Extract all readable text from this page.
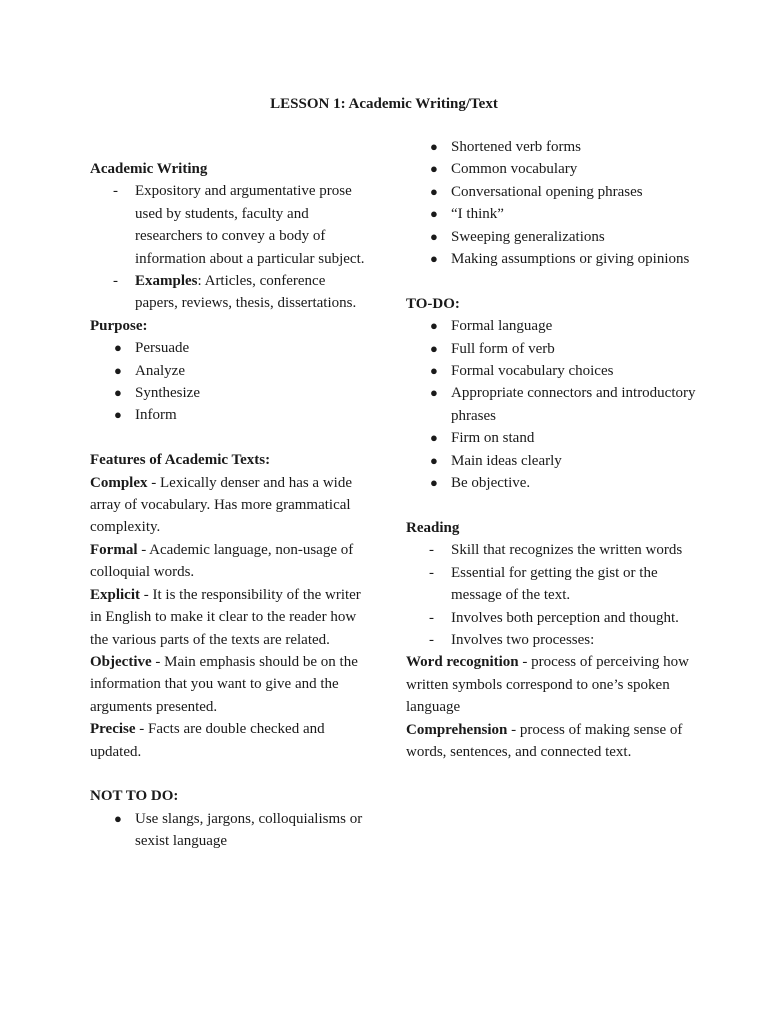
LESSON 1: Academic Writing/Text
Academic Writing
- Expository and argumentative prose used by students, faculty and researchers to convey a body of information about a particular subject.
- Examples: Articles, conference papers, reviews, thesis, dissertations.
Purpose:
● Persuade
● Analyze
● Synthesize
● Inform
Features of Academic Texts:

Complex - Lexically denser and has a wide array of vocabulary. Has more grammatical complexity.

Formal - Academic language, non-usage of colloquial words.

Explicit - It is the responsibility of the writer in English to make it clear to the reader how the various parts of the texts are related.

Objective - Main emphasis should be on the information that you want to give and the arguments presented.

Precise - Facts are double checked and updated.

NOT TO DO:
● Use slangs, jargons, colloquialisms or sexist language
● Shortened verb forms
● Common vocabulary
● Conversational opening phrases
● “I think”
● Sweeping generalizations
● Making assumptions or giving opinions
TO-DO:
● Formal language
● Full form of verb
● Formal vocabulary choices
● Appropriate connectors and introductory phrases
● Firm on stand
● Main ideas clearly
● Be objective.
Reading
- Skill that recognizes the written words
- Essential for getting the gist or the message of the text.
- Involves both perception and thought.
- Involves two processes:

Word recognition - process of perceiving how written symbols correspond to one’s spoken language

Comprehension - process of making sense of words, sentences, and connected text.
